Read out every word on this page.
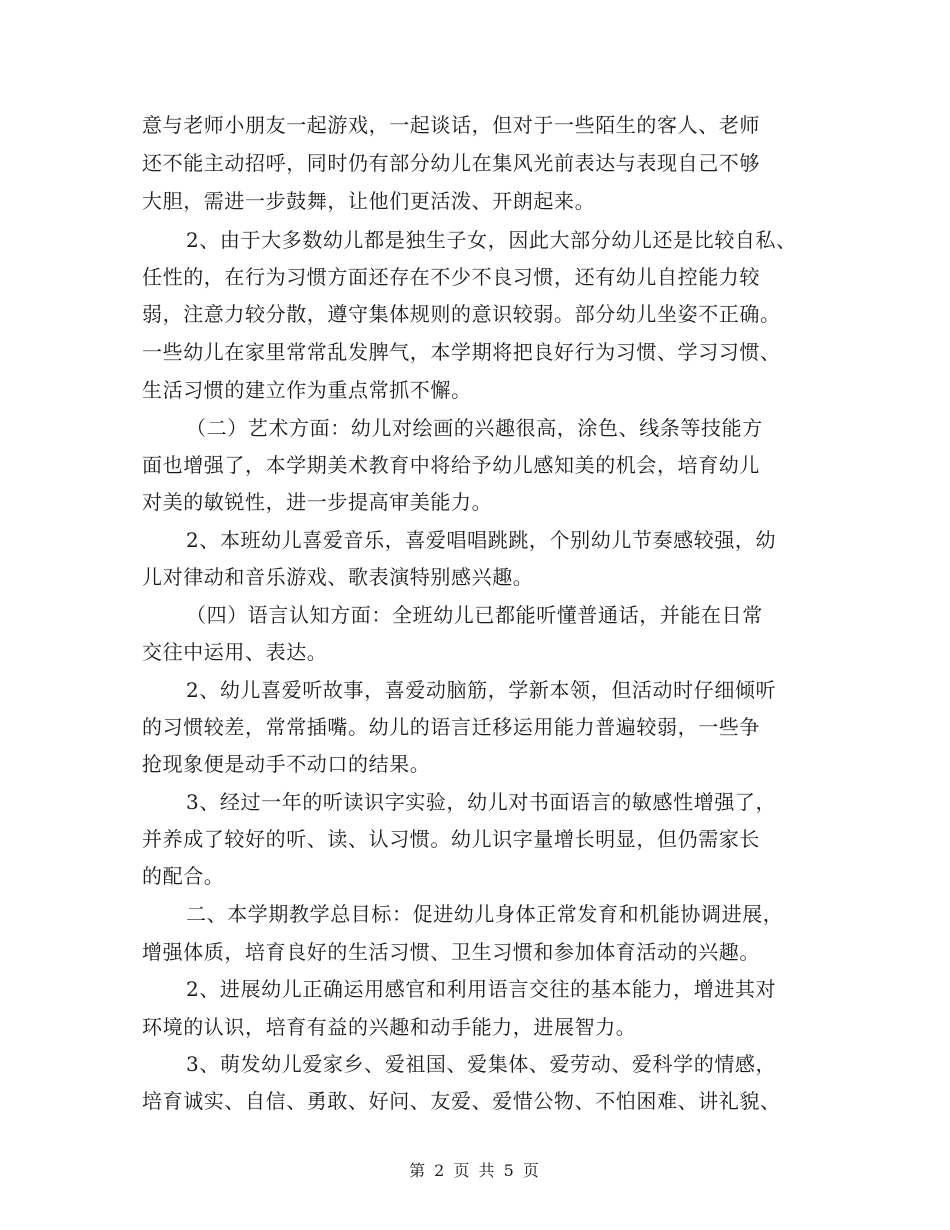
意与老师小朋友一起游戏，一起谈话，但对于一些陌生的客人、老师
还不能主动招呼，同时仍有部分幼儿在集风光前表达与表现自己不够
大胆，需进一步鼓舞，让他们更活泼、开朗起来。
2、由于大多数幼儿都是独生子女，因此大部分幼儿还是比较自私、
任性的，在行为习惯方面还存在不少不良习惯，还有幼儿自控能力较
弱，注意力较分散，遵守集体规则的意识较弱。部分幼儿坐姿不正确。
一些幼儿在家里常常乱发脾气，本学期将把良好行为习惯、学习习惯、
生活习惯的建立作为重点常抓不懈。
（二）艺术方面：幼儿对绘画的兴趣很高，涂色、线条等技能方
面也增强了，本学期美术教育中将给予幼儿感知美的机会，培育幼儿
对美的敏锐性，进一步提高审美能力。
2、本班幼儿喜爱音乐，喜爱唱唱跳跳，个别幼儿节奏感较强，幼
儿对律动和音乐游戏、歌表演特别感兴趣。
（四）语言认知方面：全班幼儿已都能听懂普通话，并能在日常
交往中运用、表达。
2、幼儿喜爱听故事，喜爱动脑筋，学新本领，但活动时仔细倾听
的习惯较差，常常插嘴。幼儿的语言迁移运用能力普遍较弱，一些争
抢现象便是动手不动口的结果。
3、经过一年的听读识字实验，幼儿对书面语言的敏感性增强了，
并养成了较好的听、读、认习惯。幼儿识字量增长明显，但仍需家长
的配合。
二、本学期教学总目标：促进幼儿身体正常发育和机能协调进展，
增强体质，培育良好的生活习惯、卫生习惯和参加体育活动的兴趣。
2、进展幼儿正确运用感官和利用语言交往的基本能力，增进其对
环境的认识，培育有益的兴趣和动手能力，进展智力。
3、萌发幼儿爱家乡、爱祖国、爱集体、爱劳动、爱科学的情感，
培育诚实、自信、勇敢、好问、友爱、爱惜公物、不怕困难、讲礼貌、
第 2 页 共 5 页
